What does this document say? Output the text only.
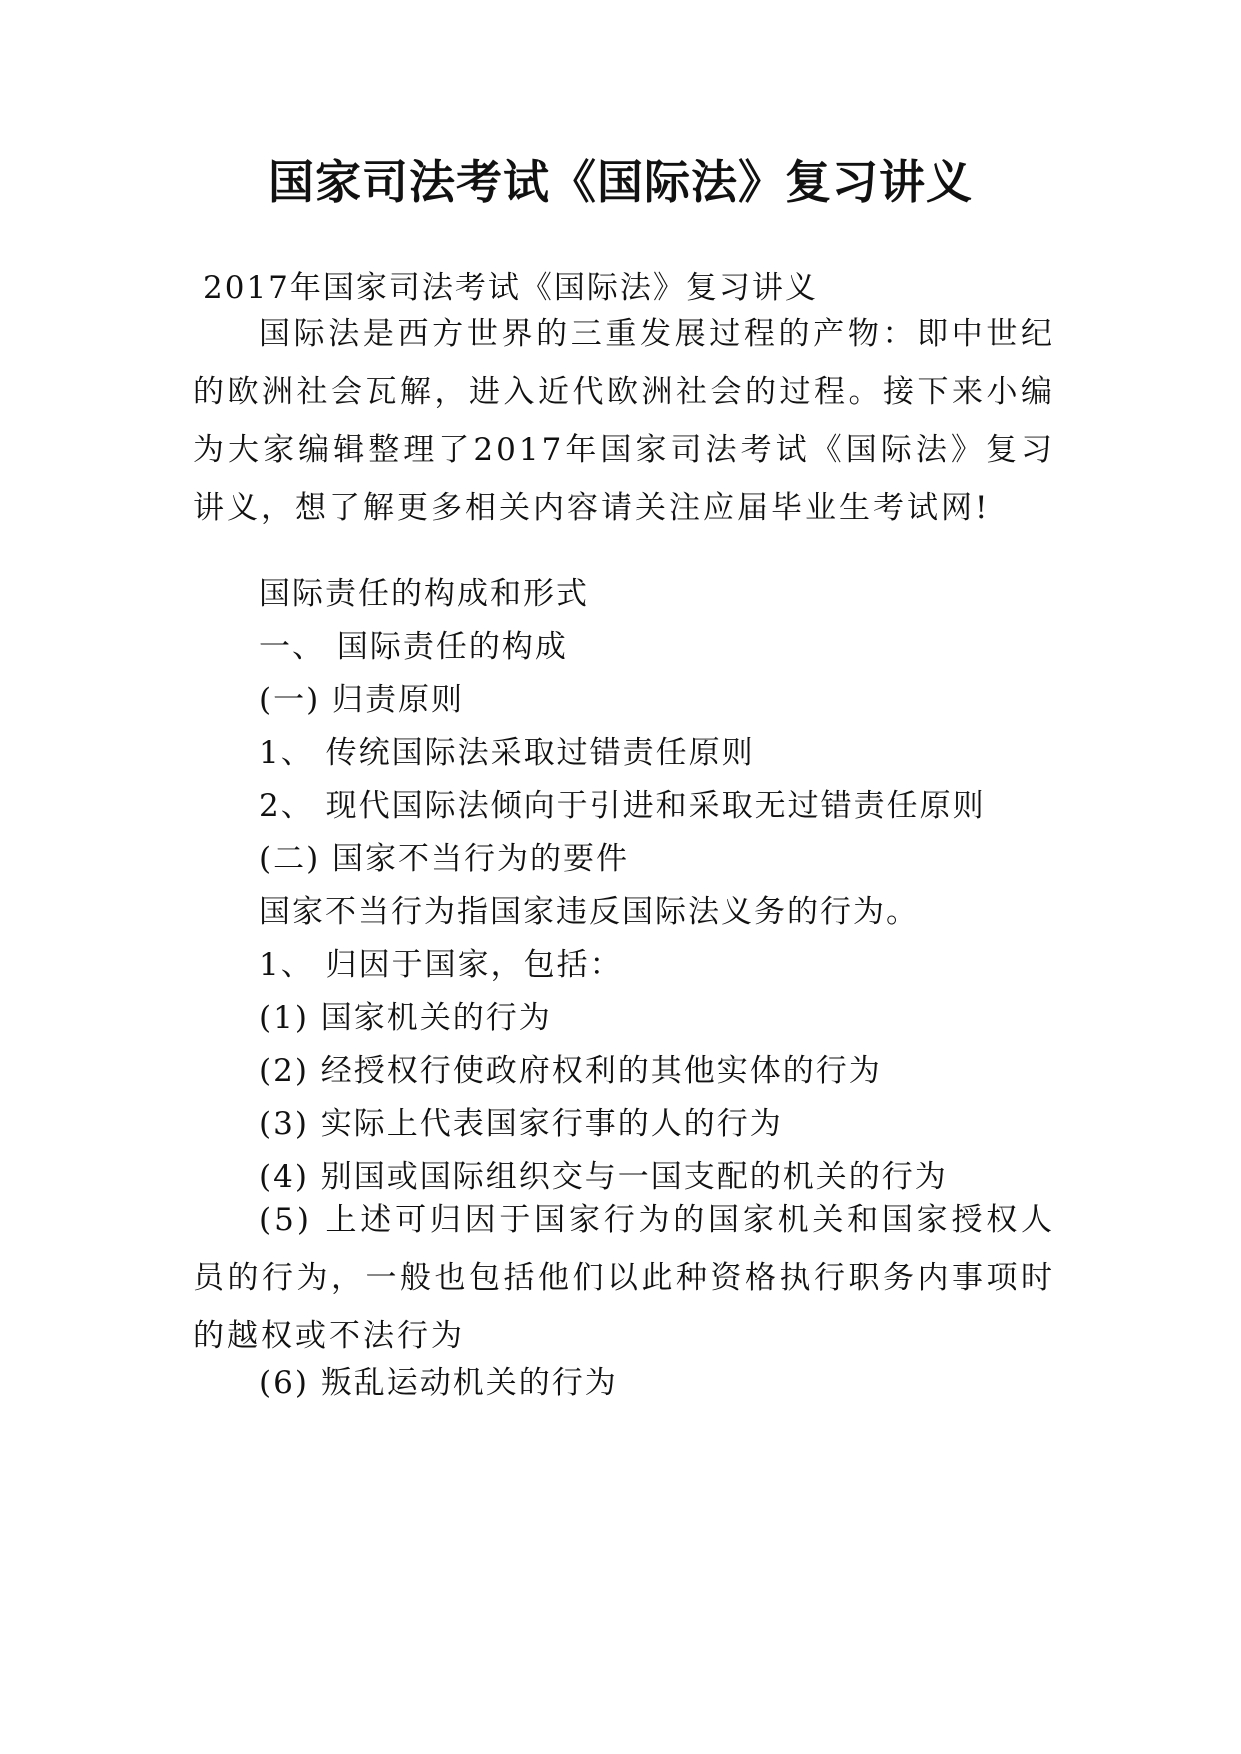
国家司法考试《国际法》复习讲义
2017年国家司法考试《国际法》复习讲义

国际法是西方世界的三重发展过程的产物：即中世纪的欧洲社会瓦解，进入近代欧洲社会的过程。接下来小编为大家编辑整理了2017年国家司法考试《国际法》复习讲义，想了解更多相关内容请关注应届毕业生考试网!

国际责任的构成和形式
一、 国际责任的构成
(一) 归责原则
1、 传统国际法采取过错责任原则
2、 现代国际法倾向于引进和采取无过错责任原则
(二) 国家不当行为的要件
国家不当行为指国家违反国际法义务的行为。
1、 归因于国家，包括：
(1) 国家机关的行为
(2) 经授权行使政府权利的其他实体的行为
(3) 实际上代表国家行事的人的行为
(4) 别国或国际组织交与一国支配的机关的行为

(5) 上述可归因于国家行为的国家机关和国家授权人员的行为，一般也包括他们以此种资格执行职务内事项时的越权或不法行为

(6) 叛乱运动机关的行为
